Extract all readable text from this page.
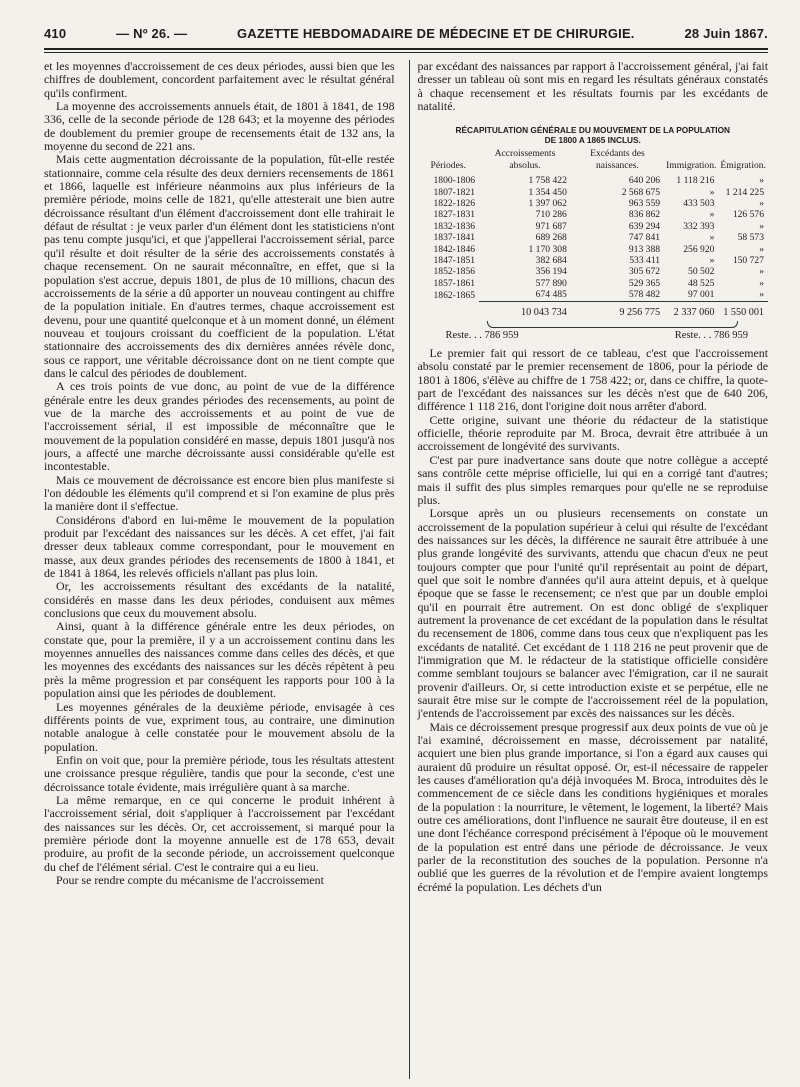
410	— Nº 26. —	GAZETTE HEBDOMADAIRE DE MÉDECINE ET DE CHIRURGIE.	28 Juin 1867.

et les moyennes d'accroissement de ces deux périodes, aussi bien que les chiffres de doublement, concordent parfaitement avec le résultat général qu'ils confirment.

La moyenne des accroissements annuels était, de 1801 à 1841, de 198 336, celle de la seconde période de 128 643; et la moyenne des périodes de doublement du premier groupe de recensements était de 132 ans, la moyenne du second de 221 ans.

Mais cette augmentation décroissante de la population, fût-elle restée stationnaire, comme cela résulte des deux derniers recensements de 1861 et 1866, laquelle est inférieure néanmoins aux plus inférieurs de la première période, moins celle de 1821, qu'elle attesterait une bien autre décroissance résultant d'un élément d'accroissement dont elle trahirait le défaut de résultat : je veux parler d'un élément dont les statisticiens n'ont pas tenu compte jusqu'ici, et que j'appellerai l'accroissement sérial, parce qu'il résulte et doit résulter de la série des accroissements constatés à chaque recensement. On ne saurait méconnaître, en effet, que si la population s'est accrue, depuis 1801, de plus de 10 millions, chacun des accroissements de la série a dû apporter un nouveau contingent au chiffre de la population initiale. En d'autres termes, chaque accroissement est devenu, pour une quantité quelconque et à un moment donné, un élément nouveau et toujours croissant du coefficient de la population. L'état stationnaire des accroissements des dix dernières années révèle donc, sous ce rapport, une véritable décroissance dont on ne tient compte que dans le calcul des périodes de doublement.

A ces trois points de vue donc, au point de vue de la différence générale entre les deux grandes périodes des recensements, au point de vue de la marche des accroissements et au point de vue de l'accroissement sérial, il est impossible de méconnaître que le mouvement de la population considéré en masse, depuis 1801 jusqu'à nos jours, a affecté une marche décroissante aussi considérable qu'elle est incontestable.

Mais ce mouvement de décroissance est encore bien plus manifeste si l'on dédouble les éléments qu'il comprend et si l'on examine de plus près la manière dont il s'effectue.

Considérons d'abord en lui-même le mouvement de la population produit par l'excédant des naissances sur les décès. A cet effet, j'ai fait dresser deux tableaux comme correspondant, pour le mouvement en masse, aux deux grandes périodes des recensements de 1800 à 1841, et de 1841 à 1864, les relevés officiels n'allant pas plus loin.

Or, les accroissements résultant des excédants de la natalité, considérés en masse dans les deux périodes, conduisent aux mêmes conclusions que ceux du mouvement absolu.

Ainsi, quant à la différence générale entre les deux périodes, on constate que, pour la première, il y a un accroissement continu dans les moyennes annuelles des naissances comme dans celles des décès, et que les moyennes des excédants des naissances sur les décès répètent à peu près la même progression et par conséquent les rapports pour 100 à la population ainsi que les périodes de doublement.

Les moyennes générales de la deuxième période, envisagée à ces différents points de vue, expriment tous, au contraire, une diminution notable analogue à celle constatée pour le mouvement absolu de la population.

Enfin on voit que, pour la première période, tous les résultats attestent une croissance presque régulière, tandis que pour la seconde, c'est une décroissance totale évidente, mais irrégulière quant à sa marche.

La même remarque, en ce qui concerne le produit inhérent à l'accroissement sérial, doit s'appliquer à l'accroissement par l'excédant des naissances sur les décès. Or, cet accroissement, si marqué pour la première période dont la moyenne annuelle est de 178 653, devait produire, au profit de la seconde période, un accroissement quelconque du chef de l'élément sérial. C'est le contraire qui a eu lieu.

Pour se rendre compte du mécanisme de l'accroissement

par excédant des naissances par rapport à l'accroissement général, j'ai fait dresser un tableau où sont mis en regard les résultats généraux constatés à chaque recensement et les résultats fournis par les excédants de natalité.

RÉCAPITULATION GÉNÉRALE DU MOUVEMENT DE LA POPULATION
DE 1800 A 1865 INCLUS.
Périodes.	Accroissements absolus.	Excédants des naissances.	Immigration.	Émigration.
1800-1806	1 758 422	640 206	1 118 216	»
1807-1821	1 354 450	2 568 675	»	1 214 225
1822-1826	1 397 062	963 559	433 503	»
1827-1831	710 286	836 862	»	126 576
1832-1836	971 687	639 294	332 393	»
1837-1841	689 268	747 841	»	58 573
1842-1846	1 170 308	913 388	256 920	»
1847-1851	382 684	533 411	»	150 727
1852-1856	356 194	305 672	50 502	»
1857-1861	577 890	529 365	48 525	»
1862-1865	674 485	578 482	97 001	»
	10 043 734	9 256 775	2 337 060	1 550 001
Reste. . . 786 959	Reste. . . 786 959

Le premier fait qui ressort de ce tableau, c'est que l'accroissement absolu constaté par le premier recensement de 1806, pour la période de 1801 à 1806, s'élève au chiffre de 1 758 422; or, dans ce chiffre, la quote-part de l'excédant des naissances sur les décès n'est que de 640 206, différence 1 118 216, dont l'origine doit nous arrêter d'abord.

Cette origine, suivant une théorie du rédacteur de la statistique officielle, théorie reproduite par M. Broca, devrait être attribuée à un accroissement de longévité des survivants.

C'est par pure inadvertance sans doute que notre collègue a accepté sans contrôle cette méprise officielle, lui qui en a corrigé tant d'autres; mais il suffit des plus simples remarques pour qu'elle ne se reproduise plus.

Lorsque après un ou plusieurs recensements on constate un accroissement de la population supérieur à celui qui résulte de l'excédant des naissances sur les décès, la différence ne saurait être attribuée à une plus grande longévité des survivants, attendu que chacun d'eux ne peut toujours compter que pour l'unité qu'il représentait au point de départ, quel que soit le nombre d'années qu'il aura atteint depuis, et à quelque époque que se fasse le recensement; ce n'est que par un double emploi qu'il en pourrait être autrement. On est donc obligé de s'expliquer autrement la provenance de cet excédant de la population dans le résultat du recensement de 1806, comme dans tous ceux que n'expliquent pas les excédants de natalité. Cet excédant de 1 118 216 ne peut provenir que de l'immigration que M. le rédacteur de la statistique officielle considère comme semblant toujours se balancer avec l'émigration, car il ne saurait provenir d'ailleurs. Or, si cette introduction existe et se perpétue, elle ne saurait être mise sur le compte de l'accroissement réel de la population, j'entends de l'accroissement par excès des naissances sur les décès.

Mais ce décroissement presque progressif aux deux points de vue où je l'ai examiné, décroissement en masse, décroissement par natalité, acquiert une bien plus grande importance, si l'on a égard aux causes qui auraient dû produire un résultat opposé. Or, est-il nécessaire de rappeler les causes d'amélioration qu'a déjà invoquées M. Broca, introduites dès le commencement de ce siècle dans les conditions hygiéniques et morales de la population : la nourriture, le vêtement, le logement, la liberté? Mais outre ces améliorations, dont l'influence ne saurait être douteuse, il en est une dont l'échéance correspond précisément à l'époque où le mouvement de la population est entré dans une période de décroissance. Je veux parler de la reconstitution des souches de la population. Personne n'a oublié que les guerres de la révolution et de l'empire avaient longtemps écrémé la population. Les déchets d'un
